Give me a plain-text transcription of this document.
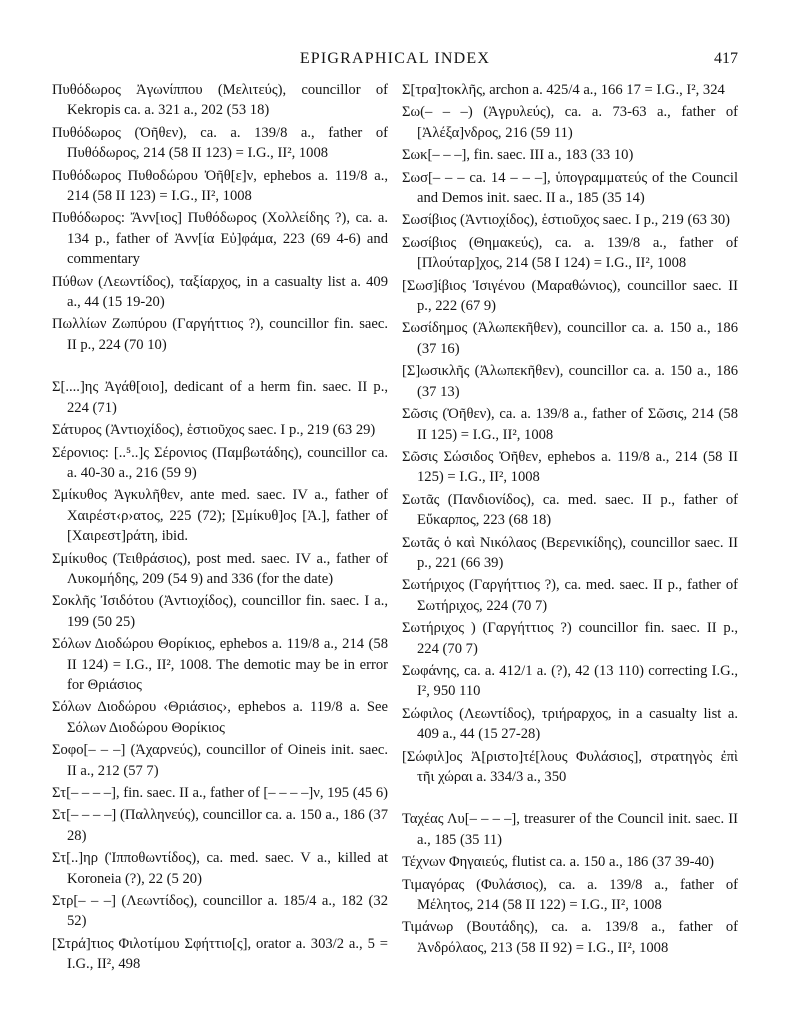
EPIGRAPHICAL INDEX	417

Πυθόδωρος Ἀγωνίππου (Μελιτεύς), councillor of Kekropis ca. a. 321 a., 202 (53 18)

Πυθόδωρος (Ὀῆθεν), ca. a. 139/8 a., father of Πυθόδωρος, 214 (58 II 123) = I.G., II², 1008

Πυθόδωρος Πυθοδώρου Ὀῆθ[ε]ν, ephebos a. 119/8 a., 214 (58 II 123) = I.G., II², 1008

Πυθόδωρος: Ἄνν[ιος] Πυθόδωρος (Χολλείδης ?), ca. a. 134 p., father of Ἀνν[ία Εὐ]φάμα, 223 (69 4-6) and commentary

Πύθων (Λεωντίδος), ταξίαρχος, in a casualty list a. 409 a., 44 (15 19-20)

Πωλλίων Ζωπύρου (Γαργήττιος ?), councillor fin. saec. II p., 224 (70 10)

Σ[....]ης Ἀγάθ[οιο], dedicant of a herm fin. saec. II p., 224 (71)

Σάτυρος (Ἀντιοχίδος), ἑστιοῦχος saec. I p., 219 (63 29)

Σέρονιος: [..⁵..]ς Σέρονιος (Παμβωτάδης), councillor ca. a. 40-30 a., 216 (59 9)

Σμίκυθος Ἀγκυλῆθεν, ante med. saec. IV a., father of Χαιρέστ‹ρ›ατος, 225 (72); [Σμίκυθ]ος [Ἀ.], father of [Χαιρεστ]ράτη, ibid.

Σμίκυθος (Τειθράσιος), post med. saec. IV a., father of Λυκομήδης, 209 (54 9) and 336 (for the date)

Σοκλῆς Ἰσιδότου (Ἀντιοχίδος), councillor fin. saec. I a., 199 (50 25)

Σόλων Διοδώρου Θορίκιος, ephebos a. 119/8 a., 214 (58 II 124) = I.G., II², 1008. The demotic may be in error for Θριάσιος

Σόλων Διοδώρου ‹Θριάσιος›, ephebos a. 119/8 a. See Σόλων Διοδώρου Θορίκιος

Σοφο[– – –] (Ἀχαρνεύς), councillor of Oineis init. saec. II a., 212 (57 7)

Στ[– – – –], fin. saec. II a., father of [– – – –]ν, 195 (45 6)

Στ[– – – –] (Παλληνεύς), councillor ca. a. 150 a., 186 (37 28)

Στ[..]ηρ (Ἱπποθωντίδος), ca. med. saec. V a., killed at Koroneia (?), 22 (5 20)

Στρ[– – –] (Λεωντίδος), councillor a. 185/4 a., 182 (32 52)

[Στρά]τιος Φιλοτίμου Σφήττιο[ς], orator a. 303/2 a., 5 = I.G., II², 498

Σ[τρα]τοκλῆς, archon a. 425/4 a., 166 17 = I.G., I², 324

Σω(– – –) (Ἀγρυλεύς), ca. a. 73-63 a., father of [Ἀλέξα]νδρος, 216 (59 11)

Σωκ[– – –], fin. saec. III a., 183 (33 10)

Σωσ[– – – ca. 14 – – –], ὑπογραμματεύς of the Council and Demos init. saec. II a., 185 (35 14)

Σωσίβιος (Ἀντιοχίδος), ἑστιοῦχος saec. I p., 219 (63 30)

Σωσίβιος (Θημακεύς), ca. a. 139/8 a., father of [Πλούταρ]χος, 214 (58 I 124) = I.G., II², 1008

[Σωσ]ίβιος Ἰσιγένου (Μαραθώνιος), councillor saec. II p., 222 (67 9)

Σωσίδημος (Ἀλωπεκῆθεν), councillor ca. a. 150 a., 186 (37 16)

[Σ]ωσικλῆς (Ἀλωπεκῆθεν), councillor ca. a. 150 a., 186 (37 13)

Σῶσις (Ὀῆθεν), ca. a. 139/8 a., father of Σῶσις, 214 (58 II 125) = I.G., II², 1008

Σῶσις Σώσιδος Ὀῆθεν, ephebos a. 119/8 a., 214 (58 II 125) = I.G., II², 1008

Σωτᾶς (Πανδιονίδος), ca. med. saec. II p., father of Εὔκαρπος, 223 (68 18)

Σωτᾶς ὁ καὶ Νικόλαος (Βερενικίδης), councillor saec. II p., 221 (66 39)

Σωτήριχος (Γαργήττιος ?), ca. med. saec. II p., father of Σωτήριχος, 224 (70 7)

Σωτήριχος ) (Γαργήττιος ?) councillor fin. saec. II p., 224 (70 7)

Σωφάνης, ca. a. 412/1 a. (?), 42 (13 110) correcting I.G., I², 950 110

Σώφιλος (Λεωντίδος), τριήραρχος, in a casualty list a. 409 a., 44 (15 27-28)

[Σώφιλ]ος Ἀ[ριστο]τέ[λους Φυλάσιος], στρατηγὸς ἐπὶ τῆι χώραι a. 334/3 a., 350

Ταχέας Λυ[– – – –], treasurer of the Council init. saec. II a., 185 (35 11)

Τέχνων Φηγαιεύς, flutist ca. a. 150 a., 186 (37 39-40)

Τιμαγόρας (Φυλάσιος), ca. a. 139/8 a., father of Μέλητος, 214 (58 II 122) = I.G., II², 1008

Τιμάνωρ (Βουτάδης), ca. a. 139/8 a., father of Ἀνδρόλαος, 213 (58 II 92) = I.G., II², 1008
